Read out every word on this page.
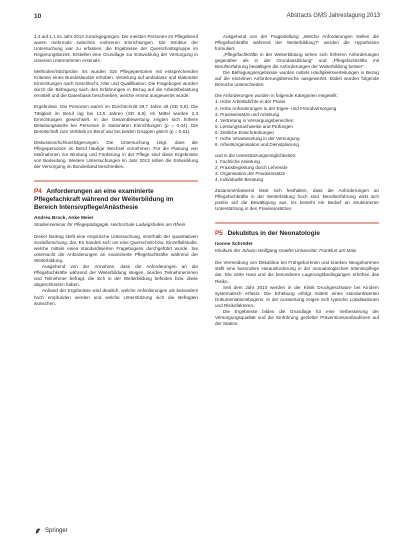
10	Abstracts GMS Jahrestagung 2013

1,4 auf 1,1 im Jahr 2013 zurückgegangen. Die meisten Personen im Pflegeberuf waren mehrmals zwischen mehreren Einrichtungen. Die Struktur der Untersuchung war zu erfassen, die Ergebnisse der Querschnittsgruppe im Regierungsbezirk. Erstellen eine Grundlage zur Entwicklung der Versorgung in unserem Unternehmen erstmals.

Methoden/Stichprobe. Es wurden 316 Pflegepersonen mit entsprechenden Kriterien eines Bundeslandes erhoben. Verteilung auf ambulante und stationäre Einrichtungen nach Geschlecht, Alter und Qualifikation. Die Fragebogen wurden durch die Befragung nach den Erfahrungen in Bezug auf die Arbeitsbelastung ermittelt und die Datenbasis beschrieben, welche erneut ausgewertet wurde.

Ergebnisse. Die Personen waren im Durchschnitt 39,7 Jahre alt (SD 9,8). Die Tätigkeit im Beruf lag bei 13,5 Jahren (SD 8,9). Im Mittel wurden 2,3 Einrichtungen gewechselt. In der Gesamtbewertung zeigten sich höhere Belastungswerte bei Personen in stationären Einrichtungen (p = 0,04). Die Bereitschaft zum Verbleib im Beruf war bei beiden Gruppen gleich (p = 0,61).

Diskussion/Schlussfolgerungen. Die Untersuchung zeigt, dass die Pflegepersonen im Beruf häufige Wechsel vornehmen. Für die Planung von Maßnahmen zur Bindung und Förderung in der Pflege sind diese Ergebnisse von Bedeutung. Weitere Untersuchungen im Jahr 2013 sollen die Entwicklung der Versorgung im Bundesland beschreiben.

P4 Anforderungen an eine examinierte Pflegefachkraft während der Weiterbildung im Bereich Intensivpflege/Anästhesie
Andrea Brock, Anke Meier
Studienseminar für Pflegepädagogik, Hochschule Ludwigshafen am Rhein

Dieser Beitrag stellt eine empirische Untersuchung, innerhalb der quantitativen Sozialforschung, dar. Es handelt sich um eine Querschnitt-bzw. Einzelfallstudie, welche mittels eines standardisierten Fragebogens durchgeführt wurde. Sie untersucht die Anforderungen an examinierte Pflegefachkräfte während der Weiterbildung.

Ausgehend von der Annahme, dass die Anforderungen an die Pflegefachkräfte während der Weiterbildung steigen, wurden Teilnehmerinnen und Teilnehmer befragt, die sich in der Weiterbildung befinden bzw. diese abgeschlossen haben.

Anhand der Ergebnisse wird deutlich, welche Anforderungen als besonders hoch empfunden werden und welche Unterstützung sich die Befragten wünschen.

Ausgehend von der Fragestellung „Welche Anforderungen stellen die Pflegefachkräfte während der Weiterbildung?“ werden die Hypothesen formuliert.

„Pflegefachkräfte in der Weiterbildung sehen sich höheren Anforderungen gegenüber als in der Grundausbildung“ und „Pflegefachkräfte mit Berufserfahrung bewältigen die Anforderungen der Weiterbildung besser“.

Die Befragungsergebnisse wurden mittels Häufigkeitsverteilungen in Bezug auf die einzelnen Anforderungsbereiche ausgewertet. Dabei wurden folgende Bereiche unterschieden:

Die Anforderungen wurden in folgende Kategorien eingeteilt:

1. Hohe Arbeitsdichte in der Praxis

2. Hohe Anforderungen in der Eigen- und Fremdversorgung

3. Praxiseinsätze und Anleitung

4. Vertretung in Versorgungsbereichen

5. Leistungsnachweise und Prüfungen

6. Zeitliche Einschränkungen

7. Hohe Verantwortung in der Versorgung

8. Arbeitsorganisation und Dienstplanung

und in die Unterstützungsmöglichkeiten:

1. Fachliche Anleitung

2. Praxisbegleitung durch Lehrende

3. Organisation der Praxiseinsätze

4. Individuelle Beratung

Zusammenfassend lässt sich festhalten, dass die Anforderungen an Pflegefachkräfte in der Weiterbildung hoch sind. Berufserfahrung wirkt sich positiv auf die Bewältigung aus. Es besteht ein Bedarf an strukturierter Unterstützung in den Praxiseinsätzen.

P5 Dekubitus in der Neonatologie
Ivonne Schröder
Klinikum der Johann Wolfgang Goethe Universität, Frankfurt am Main

Die Vermeidung von Dekubitus bei Frühgeborenen und kranken Neugeborenen stellt eine besondere Herausforderung in der neonatologischen Intensivpflege dar. Die zarte Haut und die besonderen Lagerungsbedingungen erhöhen das Risiko.

Seit dem Jahr 2010 werden in der Klinik Druckgeschwüre bei Kindern systematisch erfasst. Die Erhebung erfolgt mittels eines standardisierten Dokumentationsbogens. In der Auswertung zeigen sich typische Lokalisationen und Risikofaktoren.

Die Ergebnisse bilden die Grundlage für eine Verbesserung der Versorgungsqualität und die Einführung gezielter Präventionsmaßnahmen auf der Station.

Springer
